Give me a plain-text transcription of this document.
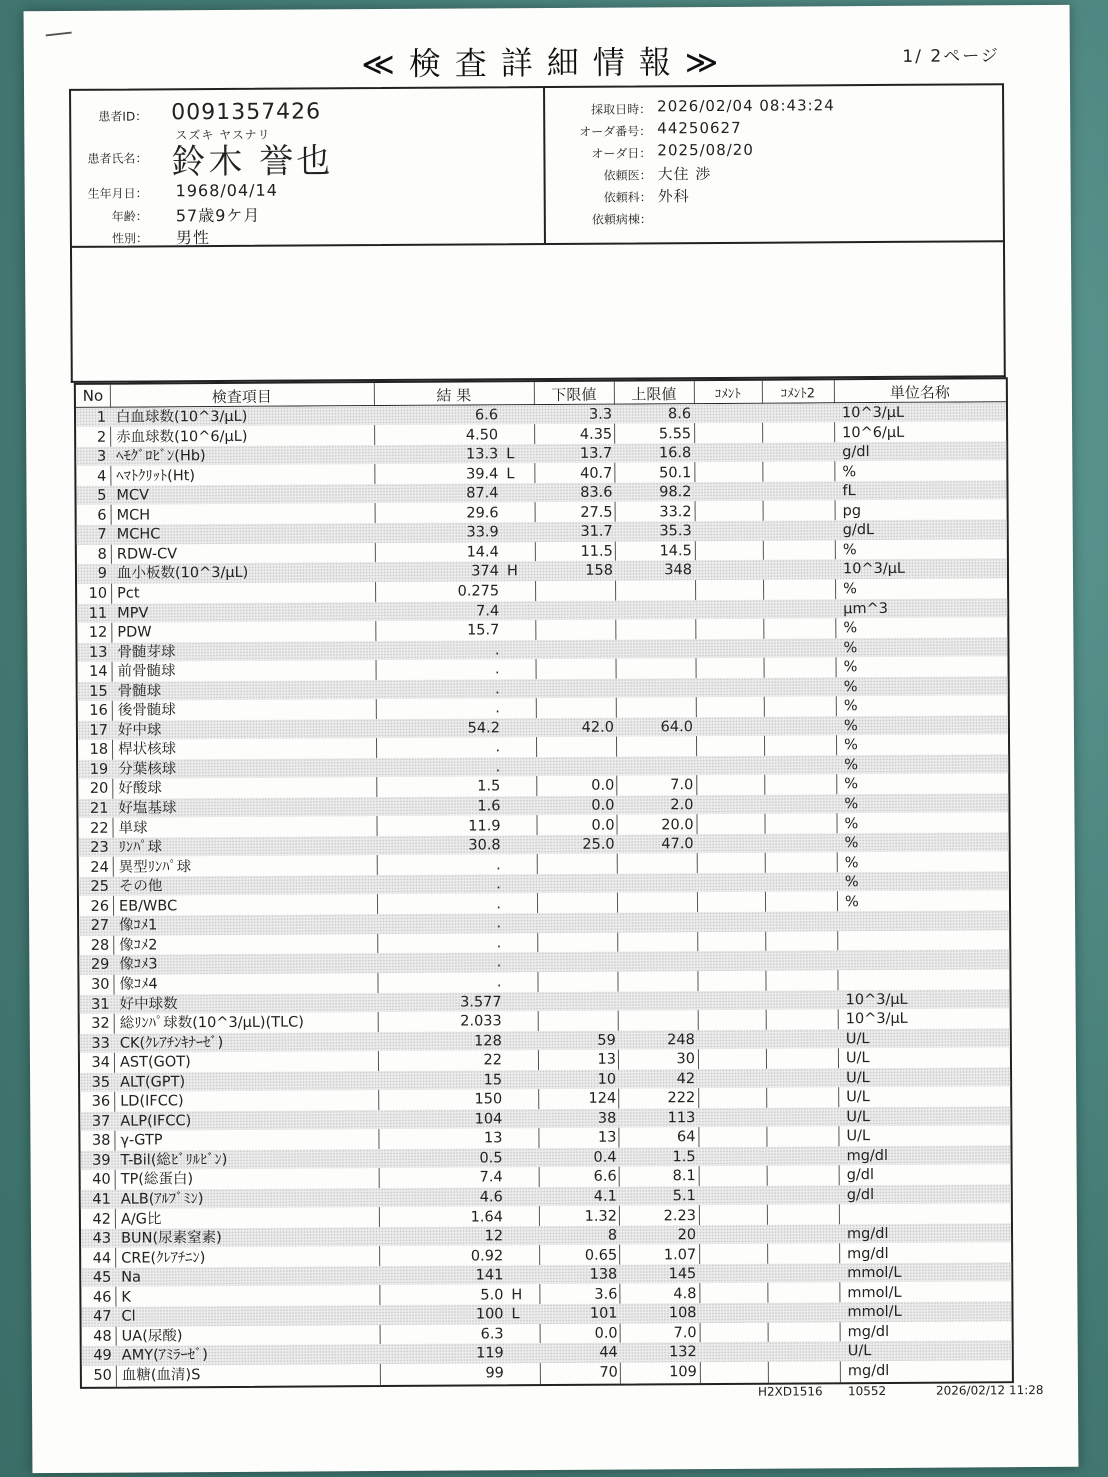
≪検査詳細情報≫	1/ 2ページ
患者ID： 0091357426
スズキ ヤスナリ
患者氏名： 鈴木 誉也
生年月日： 1968/04/14
年齢： 57歳9ケ月
性別： 男性
採取日時： 2026/02/04 08:43:24
オーダ番号： 44250627
オーダ日： 2025/08/20
依頼医： 大住 渉
依頼科： 外科
依頼病棟：
No	検査項目	結 果	下限値	上限値	ｺﾒﾝﾄ	ｺﾒﾝﾄ2	単位名称
1 白血球数(10^3/μL)	6.6	3.3	8.6	10^3/μL
2 赤血球数(10^6/μL)	4.50	4.35	5.55	10^6/μL
3 ﾍﾓｸﾞﾛﾋﾞﾝ(Hb)	13.3 L	13.7	16.8	g/dl
4 ﾍﾏﾄｸﾘｯﾄ(Ht)	39.4 L	40.7	50.1	%
5 MCV	87.4	83.6	98.2	fL
6 MCH	29.6	27.5	33.2	pg
7 MCHC	33.9	31.7	35.3	g/dL
8 RDW-CV	14.4	11.5	14.5	%
9 血小板数(10^3/μL)	374 H	158	348	10^3/μL
10 Pct	0.275	%
11 MPV	7.4	μm^3
12 PDW	15.7	%
13 骨髄芽球	.	%
14 前骨髄球	.	%
15 骨髄球	.	%
16 後骨髄球	.	%
17 好中球	54.2	42.0	64.0	%
18 桿状核球	.	%
19 分葉核球	.	%
20 好酸球	1.5	0.0	7.0	%
21 好塩基球	1.6	0.0	2.0	%
22 単球	11.9	0.0	20.0	%
23 ﾘﾝﾊﾟ球	30.8	25.0	47.0	%
24 異型ﾘﾝﾊﾟ球	.	%
25 その他	.	%
26 EB/WBC	.	%
27 像ｺﾒ1	.
28 像ｺﾒ2	.
29 像ｺﾒ3	.
30 像ｺﾒ4	.
31 好中球数	3.577	10^3/μL
32 総ﾘﾝﾊﾟ球数(10^3/μL)(TLC)	2.033	10^3/μL
33 CK(ｸﾚｱﾁﾝｷﾅｰｾﾞ)	128	59	248	U/L
34 AST(GOT)	22	13	30	U/L
35 ALT(GPT)	15	10	42	U/L
36 LD(IFCC)	150	124	222	U/L
37 ALP(IFCC)	104	38	113	U/L
38 γ-GTP	13	13	64	U/L
39 T-Bil(総ﾋﾞﾘﾙﾋﾞﾝ)	0.5	0.4	1.5	mg/dl
40 TP(総蛋白)	7.4	6.6	8.1	g/dl
41 ALB(ｱﾙﾌﾞﾐﾝ)	4.6	4.1	5.1	g/dl
42 A/G比	1.64	1.32	2.23
43 BUN(尿素窒素)	12	8	20	mg/dl
44 CRE(ｸﾚｱﾁﾆﾝ)	0.92	0.65	1.07	mg/dl
45 Na	141	138	145	mmol/L
46 K	5.0 H	3.6	4.8	mmol/L
47 Cl	100 L	101	108	mmol/L
48 UA(尿酸)	6.3	0.0	7.0	mg/dl
49 AMY(ｱﾐﾗｰｾﾞ)	119	44	132	U/L
50 血糖(血清)S	99	70	109	mg/dl
H2XD1516 10552	2026/02/12 11:28
